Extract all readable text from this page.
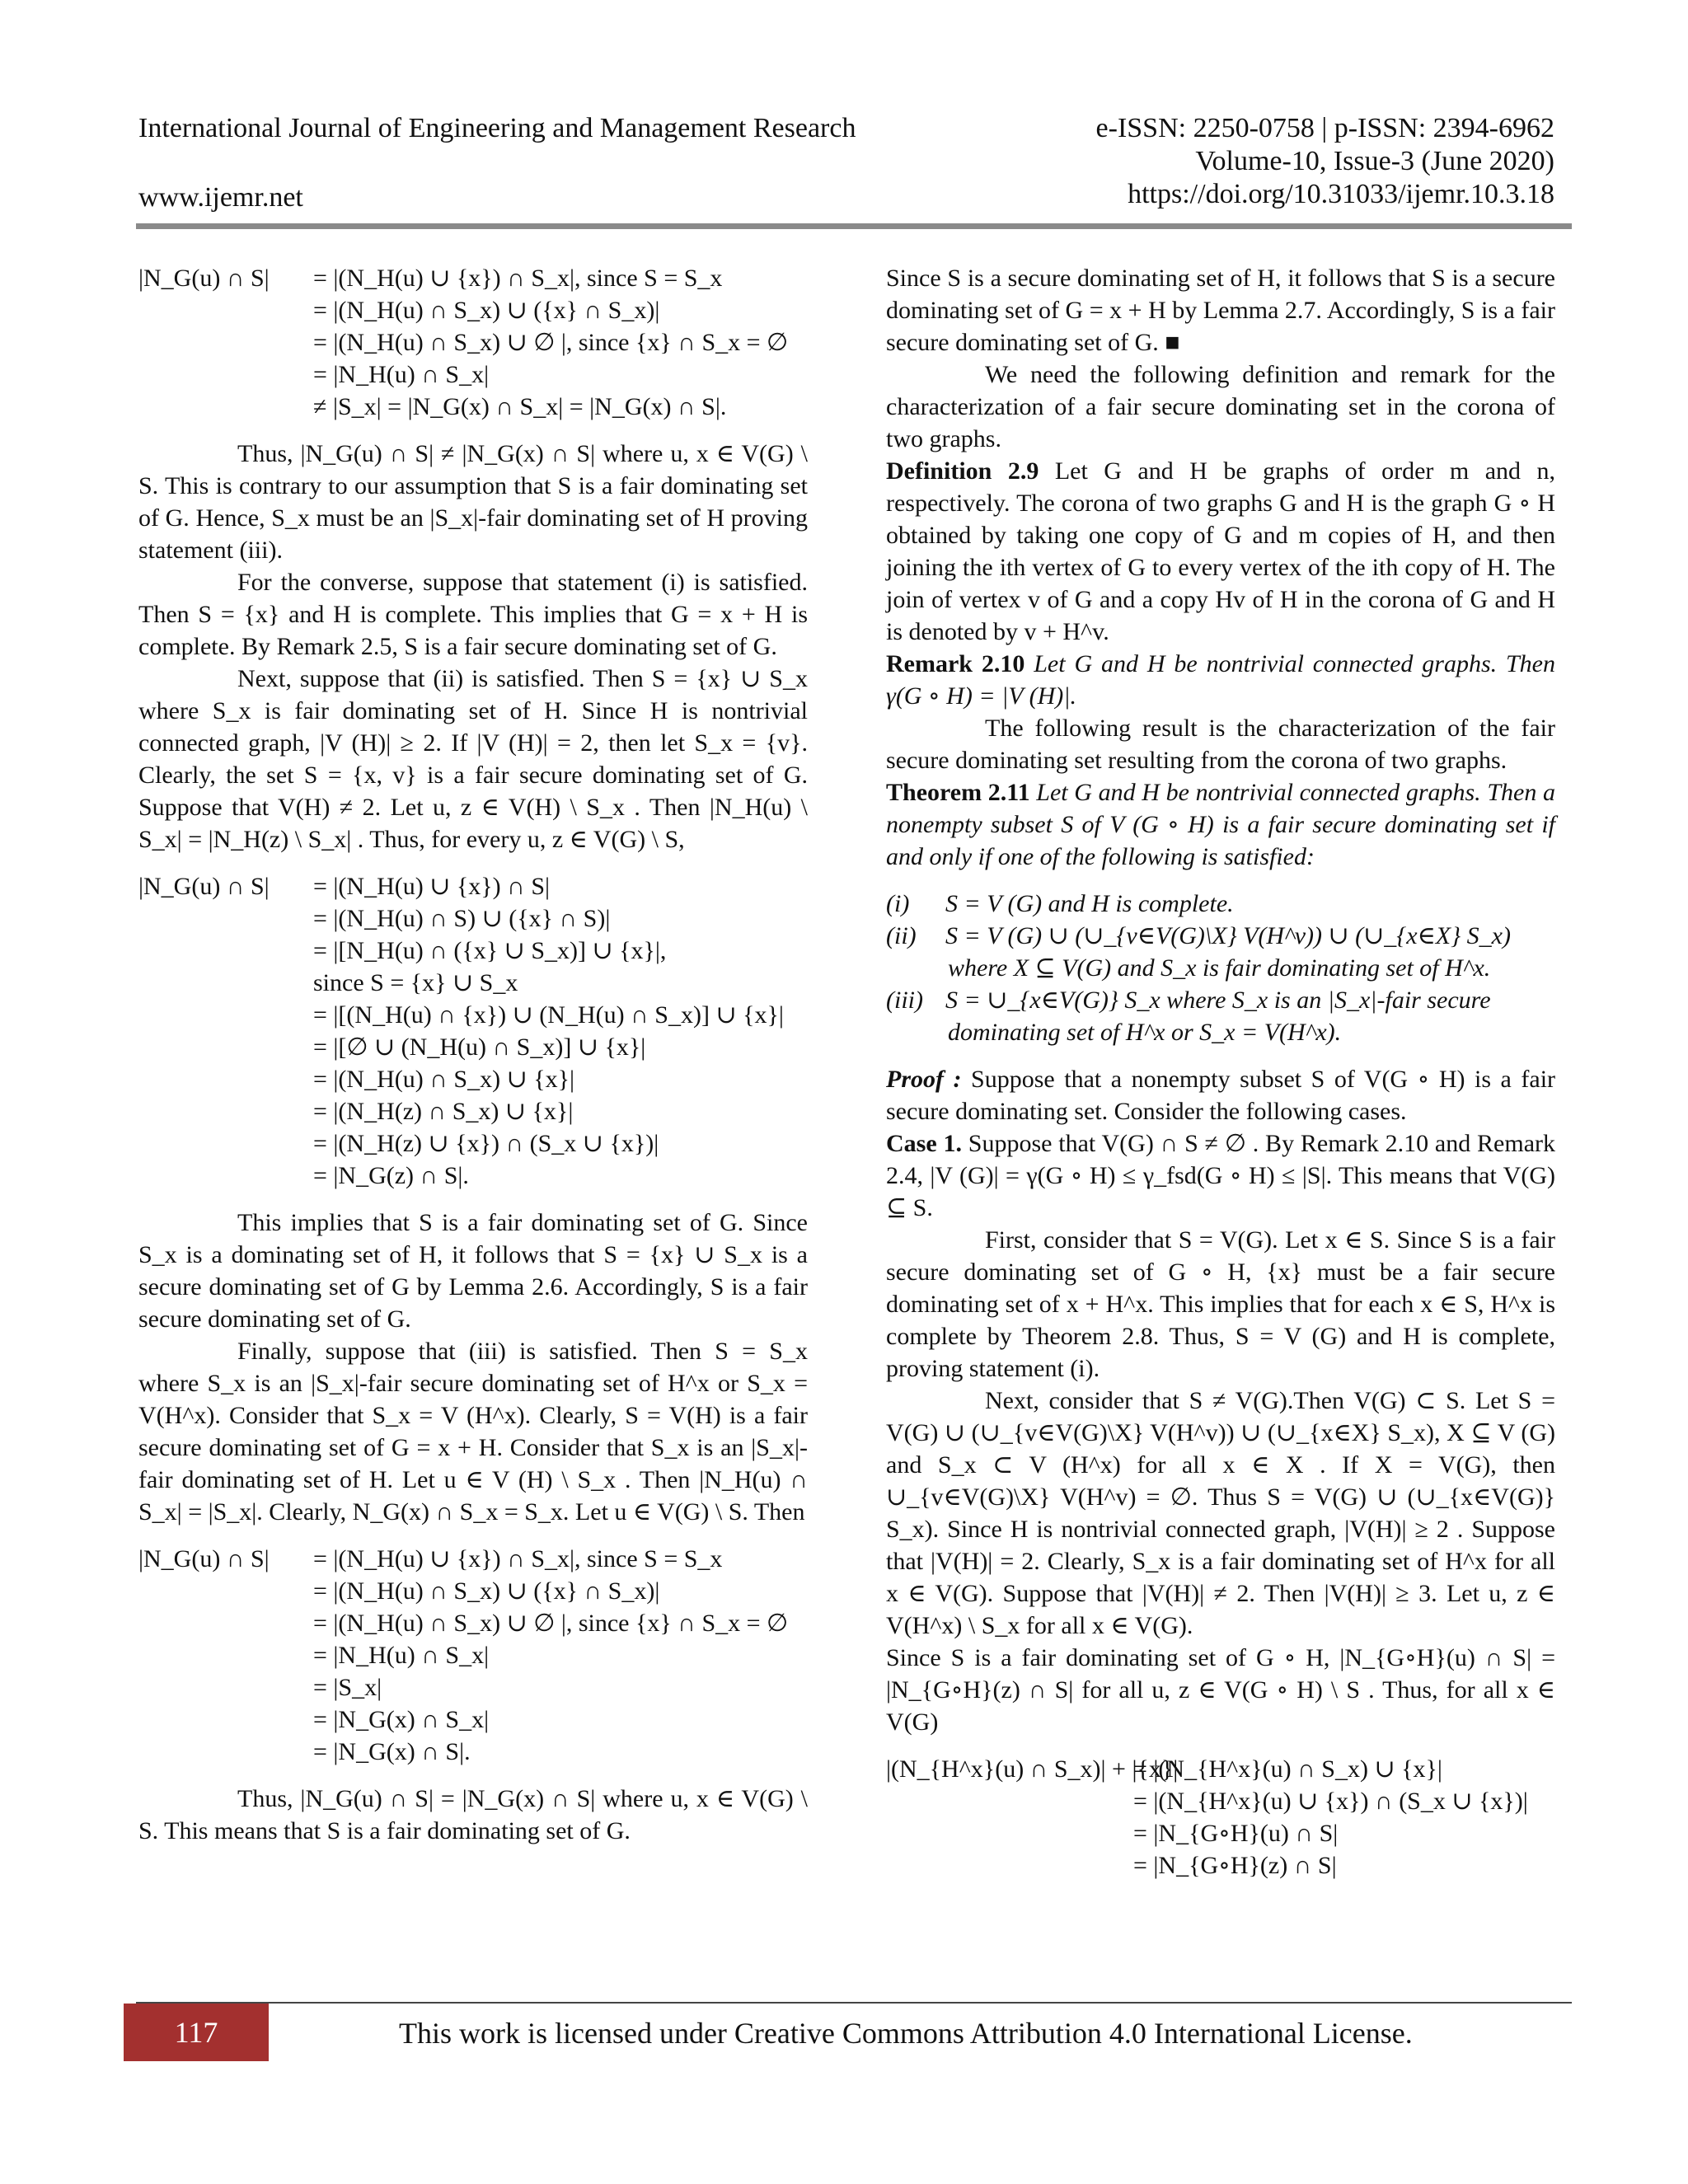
International Journal of Engineering and Management Research
www.ijemr.net
e-ISSN: 2250-0758 | p-ISSN: 2394-6962
Volume-10, Issue-3 (June 2020)
https://doi.org/10.31033/ijemr.10.3.18
|N_G(u) ∩ S|	= |(N_H(u) ∪ {x}) ∩ S_x|, since S = S_x
= |(N_H(u) ∩ S_x) ∪ ({x} ∩ S_x)|
= |(N_H(u) ∩ S_x) ∪ ∅ |, since {x} ∩ S_x = ∅
= |N_H(u) ∩ S_x|
≠ |S_x| = |N_G(x) ∩ S_x| = |N_G(x) ∩ S|.

Thus, |N_G(u) ∩ S| ≠ |N_G(x) ∩ S| where u, x ∈ V(G) \ S. This is contrary to our assumption that S is a fair dominating set of G. Hence, S_x must be an |S_x|-fair dominating set of H proving statement (iii).

For the converse, suppose that statement (i) is satisfied. Then S = {x} and H is complete. This implies that G = x + H is complete. By Remark 2.5, S is a fair secure dominating set of G.

Next, suppose that (ii) is satisfied. Then S = {x} ∪ S_x where S_x is fair dominating set of H. Since H is nontrivial connected graph, |V (H)| ≥ 2. If |V (H)| = 2, then let S_x = {v}. Clearly, the set S = {x, v} is a fair secure dominating set of G. Suppose that V(H) ≠ 2. Let u, z ∈ V(H) \ S_x . Then |N_H(u) \ S_x| = |N_H(z) \ S_x| . Thus, for every u, z ∈ V(G) \ S,

|N_G(u) ∩ S|	= |(N_H(u) ∪ {x}) ∩ S|
= |(N_H(u) ∩ S) ∪ ({x} ∩ S)|
= |[N_H(u) ∩ ({x} ∪ S_x)] ∪ {x}|,
since S = {x} ∪ S_x
= |[(N_H(u) ∩ {x}) ∪ (N_H(u) ∩ S_x)] ∪ {x}|
= |[∅ ∪ (N_H(u) ∩ S_x)] ∪ {x}|
= |(N_H(u) ∩ S_x) ∪ {x}|
= |(N_H(z) ∩ S_x) ∪ {x}|
= |(N_H(z) ∪ {x}) ∩ (S_x ∪ {x})|
= |N_G(z) ∩ S|.

This implies that S is a fair dominating set of G. Since S_x is a dominating set of H, it follows that S = {x} ∪ S_x is a secure dominating set of G by Lemma 2.6. Accordingly, S is a fair secure dominating set of G.

Finally, suppose that (iii) is satisfied. Then S = S_x where S_x is an |S_x|-fair secure dominating set of H^x or S_x = V(H^x). Consider that S_x = V (H^x). Clearly, S = V(H) is a fair secure dominating set of G = x + H. Consider that S_x is an |S_x|-fair dominating set of H. Let u ∈ V (H) \ S_x . Then |N_H(u) ∩ S_x| = |S_x|. Clearly, N_G(x) ∩ S_x = S_x. Let u ∈ V(G) \ S. Then

|N_G(u) ∩ S|	= |(N_H(u) ∪ {x}) ∩ S_x|, since S = S_x
= |(N_H(u) ∩ S_x) ∪ ({x} ∩ S_x)|
= |(N_H(u) ∩ S_x) ∪ ∅ |, since {x} ∩ S_x = ∅
= |N_H(u) ∩ S_x|
= |S_x|
= |N_G(x) ∩ S_x|
= |N_G(x) ∩ S|.

Thus, |N_G(u) ∩ S| = |N_G(x) ∩ S| where u, x ∈ V(G) \ S. This means that S is a fair dominating set of G.

Since S is a secure dominating set of H, it follows that S is a secure dominating set of G = x + H by Lemma 2.7. Accordingly, S is a fair secure dominating set of G. ■

We need the following definition and remark for the characterization of a fair secure dominating set in the corona of two graphs.

Definition 2.9 Let G and H be graphs of order m and n, respectively. The corona of two graphs G and H is the graph G ∘ H obtained by taking one copy of G and m copies of H, and then joining the ith vertex of G to every vertex of the ith copy of H. The join of vertex v of G and a copy Hv of H in the corona of G and H is denoted by v + H^v.

Remark 2.10 Let G and H be nontrivial connected graphs. Then γ(G ∘ H) = |V (H)|.

The following result is the characterization of the fair secure dominating set resulting from the corona of two graphs.

Theorem 2.11 Let G and H be nontrivial connected graphs. Then a nonempty subset S of V (G ∘ H) is a fair secure dominating set if and only if one of the following is satisfied:

(i)	S = V (G) and H is complete.
(ii)	S = V (G) ∪ (∪_{v∈V(G)\X} V(H^v)) ∪ (∪_{x∈X} S_x)
where X ⊆ V(G) and S_x is fair dominating set of H^x.
(iii) S = ∪_{x∈V(G)} S_x where S_x is an |S_x|-fair secure
dominating set of H^x or S_x = V(H^x).

Proof : Suppose that a nonempty subset S of V(G ∘ H) is a fair secure dominating set. Consider the following cases.

Case 1. Suppose that V(G) ∩ S ≠ ∅ . By Remark 2.10 and Remark 2.4, |V (G)| = γ(G ∘ H) ≤ γ_fsd(G ∘ H) ≤ |S|. This means that V(G) ⊆ S.

First, consider that S = V(G). Let x ∈ S. Since S is a fair secure dominating set of G ∘ H, {x} must be a fair secure dominating set of x + H^x. This implies that for each x ∈ S, H^x is complete by Theorem 2.8. Thus, S = V (G) and H is complete, proving statement (i).

Next, consider that S ≠ V(G).Then V(G) ⊂ S. Let S = V(G) ∪ (∪_{v∈V(G)\X} V(H^v)) ∪ (∪_{x∈X} S_x), X ⊆ V (G) and S_x ⊂ V (H^x) for all x ∈ X . If X = V(G), then ∪_{v∈V(G)\X} V(H^v) = ∅. Thus S = V(G) ∪ (∪_{x∈V(G)} S_x). Since H is nontrivial connected graph, |V(H)| ≥ 2 . Suppose that |V(H)| = 2. Clearly, S_x is a fair dominating set of H^x for all x ∈ V(G). Suppose that |V(H)| ≠ 2. Then |V(H)| ≥ 3. Let u, z ∈ V(H^x) \ S_x for all x ∈ V(G).

Since S is a fair dominating set of G ∘ H, |N_{G∘H}(u) ∩ S| = |N_{G∘H}(z) ∩ S| for all u, z ∈ V(G ∘ H) \ S . Thus, for all x ∈ V(G)

|(N_{H^x}(u) ∩ S_x)| + |{x}|
= |(N_{H^x}(u) ∩ S_x) ∪ {x}|
= |(N_{H^x}(u) ∪ {x}) ∩ (S_x ∪ {x})|
= |N_{G∘H}(u) ∩ S|
= |N_{G∘H}(z) ∩ S|
117	This work is licensed under Creative Commons Attribution 4.0 International License.
